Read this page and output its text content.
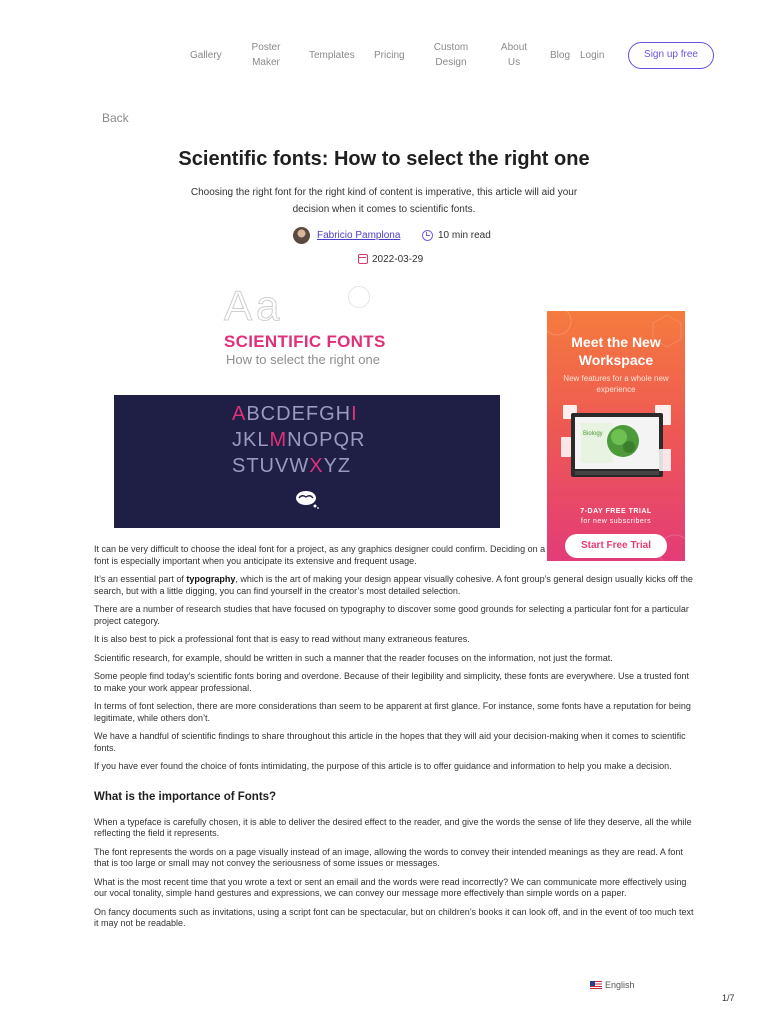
Gallery
Poster Maker
Templates Pricing
Custom Design
About Us
Blog Login	Sign up free
Back
Scientific fonts: How to select the right one

Choosing the right font for the right kind of content is imperative, this article will aid your decision when it comes to scientific fonts.

Fabricio Pamplona	10 min read
2022-03-29
Aa
SCIENTIFIC FONTS
How to select the right one
ABCDEFGHI
JKLMNOPQR
STUVWXYZ
Meet the New Workspace
New features for a whole new experience
Biology
7-DAY FREE TRIAL
for new subscribers
Start Free Trial

It can be very difficult to choose the ideal font for a project, as any graphics designer could confirm. Deciding on a font is especially important when you anticipate its extensive and frequent usage.

It’s an essential part of typography, which is the art of making your design appear visually cohesive. A font group’s general design usually kicks off the search, but with a little digging, you can find yourself in the creator’s most detailed selection.

There are a number of research studies that have focused on typography to discover some good grounds for selecting a particular font for a particular project category.

It is also best to pick a professional font that is easy to read without many extraneous features.

Scientific research, for example, should be written in such a manner that the reader focuses on the information, not just the format.

Some people find today’s scientific fonts boring and overdone. Because of their legibility and simplicity, these fonts are everywhere. Use a trusted font to make your work appear professional.

In terms of font selection, there are more considerations than seem to be apparent at first glance. For instance, some fonts have a reputation for being legitimate, while others don’t.

We have a handful of scientific findings to share throughout this article in the hopes that they will aid your decision-making when it comes to scientific fonts.

If you have ever found the choice of fonts intimidating, the purpose of this article is to offer guidance and information to help you make a decision.

What is the importance of Fonts?

When a typeface is carefully chosen, it is able to deliver the desired effect to the reader, and give the words the sense of life they deserve, all the while reflecting the field it represents.

The font represents the words on a page visually instead of an image, allowing the words to convey their intended meanings as they are read. A font that is too large or small may not convey the seriousness of some issues or messages.

What is the most recent time that you wrote a text or sent an email and the words were read incorrectly? We can communicate more effectively using our vocal tonality, simple hand gestures and expressions, we can convey our message more effectively than simple words on a paper.

On fancy documents such as invitations, using a script font can be spectacular, but on children’s books it can look off, and in the event of too much text it may not be readable.

English
1/7
